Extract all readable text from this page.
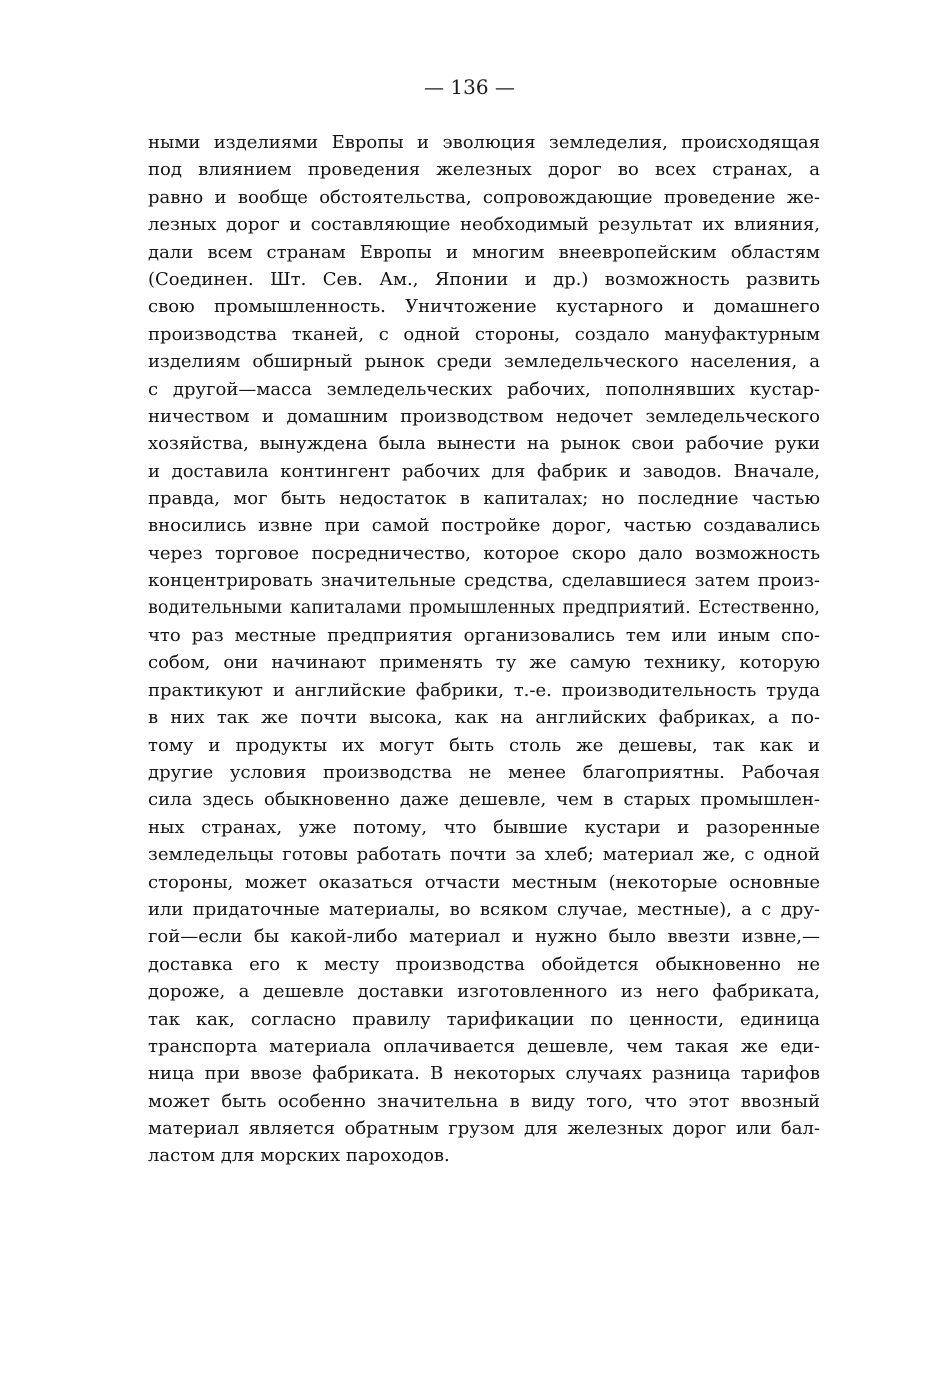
— 136 —
ными изделиями Европы и эволюция земледелия, происходящая
под влиянием проведения железных дорог во всех странах, а
равно и вообще обстоятельства, сопровождающие проведение же-
лезных дорог и составляющие необходимый результат их влияния,
дали всем странам Европы и многим внеевропейским областям
(Соединен. Шт. Сев. Ам., Японии и др.) возможность развить
свою промышленность. Уничтожение кустарного и домашнего
производства тканей, с одной стороны, создало мануфактурным
изделиям обширный рынок среди земледельческого населения, а
с другой—масса земледельческих рабочих, пополнявших кустар-
ничеством и домашним производством недочет земледельческого
хозяйства, вынуждена была вынести на рынок свои рабочие руки
и доставила контингент рабочих для фабрик и заводов. Вначале,
правда, мог быть недостаток в капиталах; но последние частью
вносились извне при самой постройке дорог, частью создавались
через торговое посредничество, которое скоро дало возможность
концентрировать значительные средства, сделавшиеся затем произ-
водительными капиталами промышленных предприятий. Естественно,
что раз местные предприятия организовались тем или иным спо-
собом, они начинают применять ту же самую технику, которую
практикуют и английские фабрики, т.-е. производительность труда
в них так же почти высока, как на английских фабриках, а по-
тому и продукты их могут быть столь же дешевы, так как и
другие условия производства не менее благоприятны. Рабочая
сила здесь обыкновенно даже дешевле, чем в старых промышлен-
ных странах, уже потому, что бывшие кустари и разоренные
земледельцы готовы работать почти за хлеб; материал же, с одной
стороны, может оказаться отчасти местным (некоторые основные
или придаточные материалы, во всяком случае, местные), а с дру-
гой—если бы какой-либо материал и нужно было ввезти извне,—
доставка его к месту производства обойдется обыкновенно не
дороже, а дешевле доставки изготовленного из него фабриката,
так как, согласно правилу тарификации по ценности, единица
транспорта материала оплачивается дешевле, чем такая же еди-
ница при ввозе фабриката. В некоторых случаях разница тарифов
может быть особенно значительна в виду того, что этот ввозный
материал является обратным грузом для железных дорог или бал-
ластом для морских пароходов.
